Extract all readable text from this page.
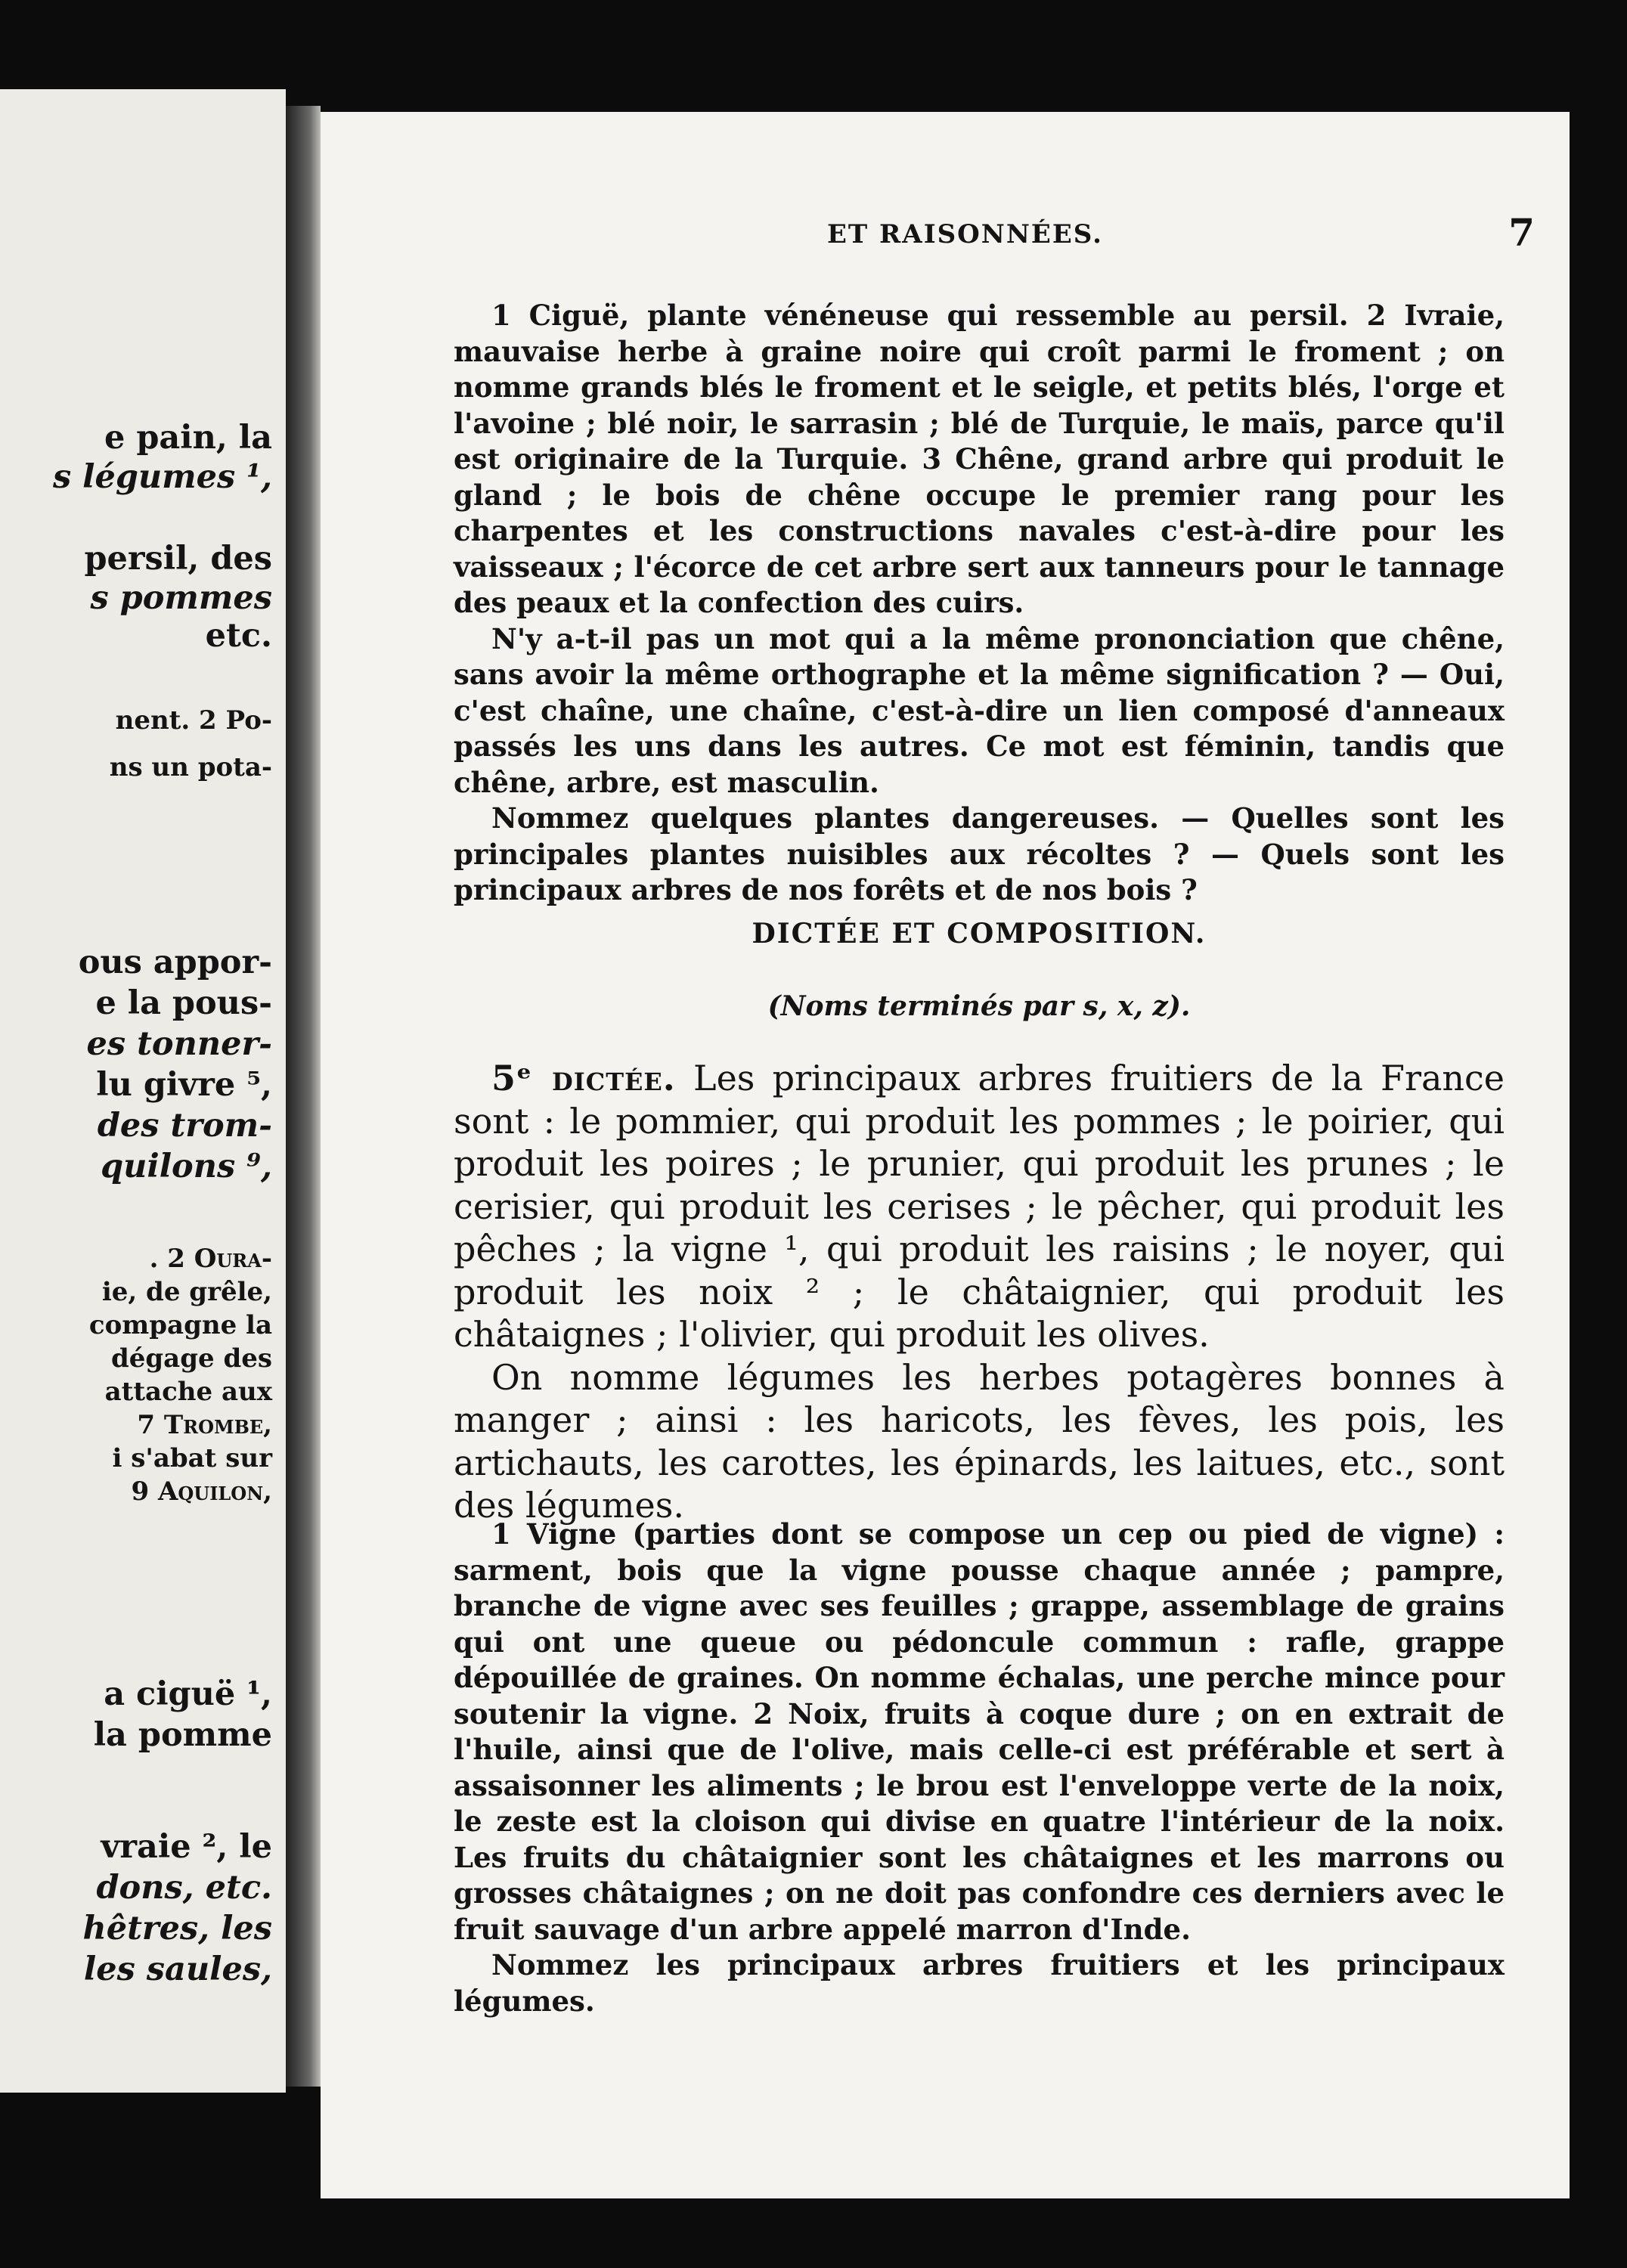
e pain, la
s légumes ¹,
persil, des
s pommes
etc.
nent. 2 Po-
ns un pota-
ous appor-
e la pous-
es tonner-
lu givre ⁵,
des trom-
quilons ⁹,
. 2 Oura-
ie, de grêle,
compagne la
dégage des
attache aux
7 Trombe,
i s'abat sur
9 Aquilon,
a ciguë ¹,
la pomme
vraie ², le
dons, etc.
hêtres, les
les saules,
ET RAISONNÉES.	7

1 Ciguë, plante vénéneuse qui ressemble au persil. 2 Ivraie, mauvaise herbe à graine noire qui croît parmi le froment ; on nomme grands blés le froment et le seigle, et petits blés, l'orge et l'avoine ; blé noir, le sarrasin ; blé de Turquie, le maïs, parce qu'il est originaire de la Turquie. 3 Chêne, grand arbre qui produit le gland ; le bois de chêne occupe le premier rang pour les charpentes et les constructions navales c'est-à-dire pour les vaisseaux ; l'écorce de cet arbre sert aux tanneurs pour le tannage des peaux et la confection des cuirs.

N'y a-t-il pas un mot qui a la même prononciation que chêne, sans avoir la même orthographe et la même signification ? — Oui, c'est chaîne, une chaîne, c'est-à-dire un lien composé d'anneaux passés les uns dans les autres. Ce mot est féminin, tandis que chêne, arbre, est masculin.

Nommez quelques plantes dangereuses. — Quelles sont les principales plantes nuisibles aux récoltes ? — Quels sont les principaux arbres de nos forêts et de nos bois ?

DICTÉE ET COMPOSITION.
(Noms terminés par s, x, z).

5ᵉ dictée. Les principaux arbres fruitiers de la France sont : le pommier, qui produit les pommes ; le poirier, qui produit les poires ; le prunier, qui produit les prunes ; le cerisier, qui produit les cerises ; le pêcher, qui produit les pêches ; la vigne ¹, qui produit les raisins ; le noyer, qui produit les noix ² ; le châtaignier, qui produit les châtaignes ; l'olivier, qui produit les olives.

On nomme légumes les herbes potagères bonnes à manger ; ainsi : les haricots, les fèves, les pois, les artichauts, les carottes, les épinards, les laitues, etc., sont des légumes.

1 Vigne (parties dont se compose un cep ou pied de vigne) : sarment, bois que la vigne pousse chaque année ; pampre, branche de vigne avec ses feuilles ; grappe, assemblage de grains qui ont une queue ou pédoncule commun : rafle, grappe dépouillée de graines. On nomme échalas, une perche mince pour soutenir la vigne. 2 Noix, fruits à coque dure ; on en extrait de l'huile, ainsi que de l'olive, mais celle-ci est préférable et sert à assaisonner les aliments ; le brou est l'enveloppe verte de la noix, le zeste est la cloison qui divise en quatre l'intérieur de la noix. Les fruits du châtaignier sont les châtaignes et les marrons ou grosses châtaignes ; on ne doit pas confondre ces derniers avec le fruit sauvage d'un arbre appelé marron d'Inde.

Nommez les principaux arbres fruitiers et les principaux légumes.
